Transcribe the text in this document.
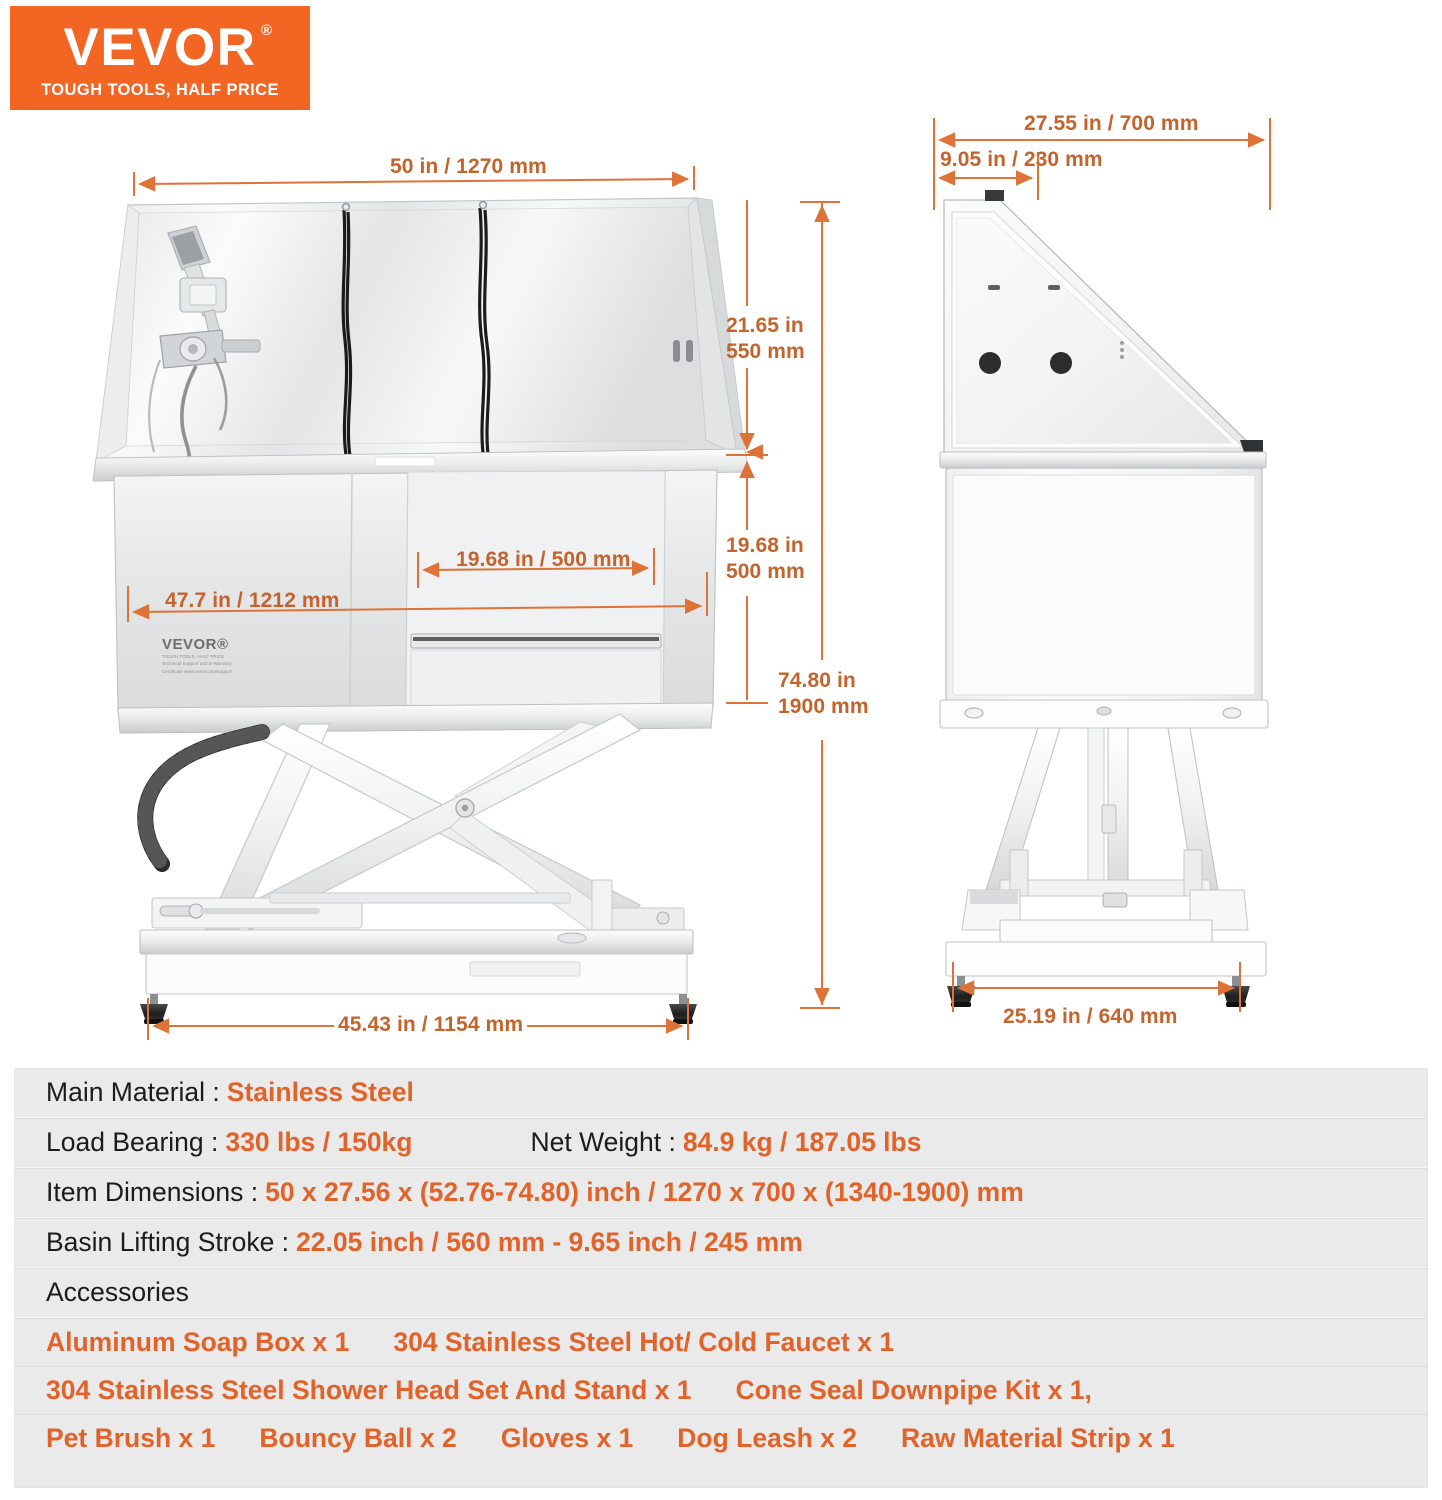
VEVOR ®
TOUGH TOOLS, HALF PRICE
VEVOR®
TOUGH TOOLS, HALF PRICE
Technical Support and E-Warranty
Certificate www.vevor.com/support
50 in / 1270 mm
21.65 in
550 mm
19.68 in
500 mm
74.80 in
1900 mm
19.68 in / 500 mm
47.7 in / 1212 mm
45.43 in / 1154 mm
27.55 in / 700 mm
9.05 in / 230 mm
25.19 in / 640 mm
Main Material : Stainless Steel
Load Bearing : 330 lbs / 150kg	Net Weight : 84.9 kg / 187.05 lbs
Item Dimensions : 50 x 27.56 x (52.76-74.80) inch / 1270 x 700 x (1340-1900) mm
Basin Lifting Stroke : 22.05 inch / 560 mm - 9.65 inch / 245 mm
Accessories
Aluminum Soap Box x 1 304 Stainless Steel Hot/ Cold Faucet x 1
304 Stainless Steel Shower Head Set And Stand x 1 Cone Seal Downpipe Kit x 1,
Pet Brush x 1 Bouncy Ball x 2 Gloves x 1 Dog Leash x 2 Raw Material Strip x 1
